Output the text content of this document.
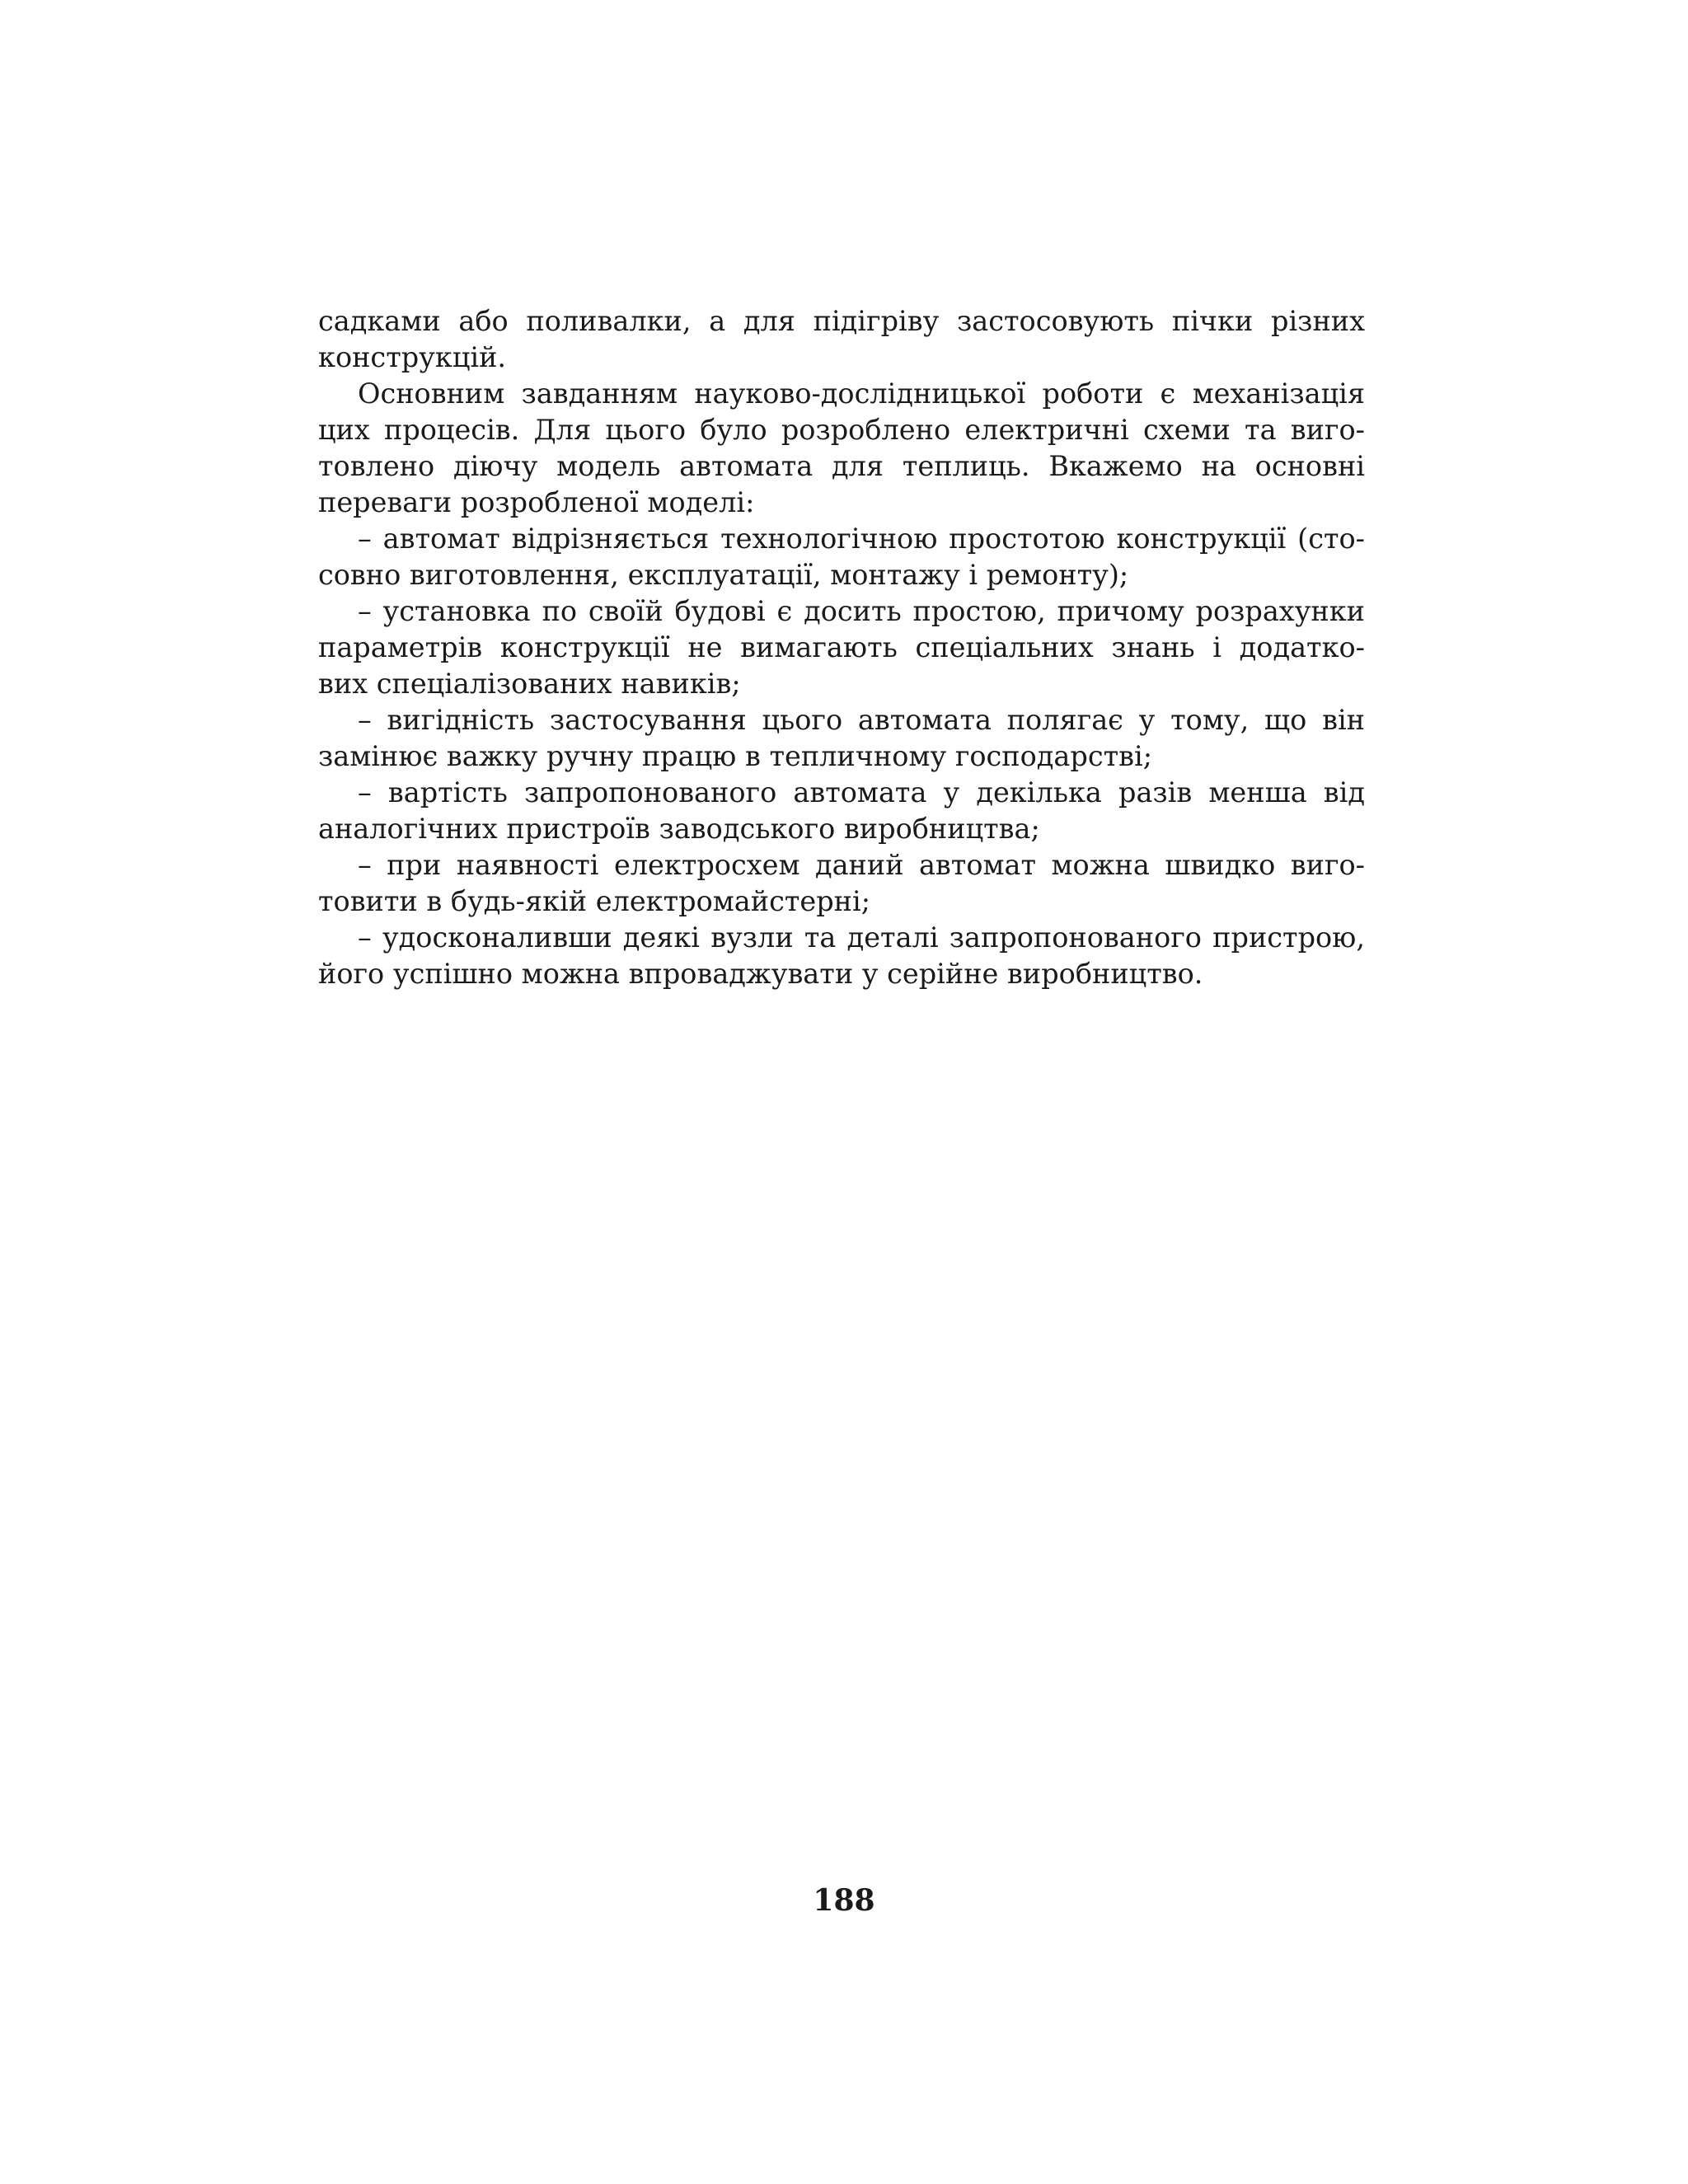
садками або поливалки, а для підігріву застосовують пічки різних
конструкцій.
Основним завданням науково-дослідницької роботи є механізація
цих процесів. Для цього було розроблено електричні схеми та виго-
товлено діючу модель автомата для теплиць. Вкажемо на основні
переваги розробленої моделі:
– автомат відрізняється технологічною простотою конструкції (сто-
совно виготовлення, експлуатації, монтажу і ремонту);
– установка по своїй будові є досить простою, причому розрахунки
параметрів конструкції не вимагають спеціальних знань і додатко-
вих спеціалізованих навиків;
– вигідність застосування цього автомата полягає у тому, що він
замінює важку ручну працю в тепличному господарстві;
– вартість запропонованого автомата у декілька разів менша від
аналогічних пристроїв заводського виробництва;
– при наявності електросхем даний автомат можна швидко виго-
товити в будь-якій електромайстерні;
– удосконаливши деякі вузли та деталі запропонованого пристрою,
його успішно можна впроваджувати у серійне виробництво.
188
